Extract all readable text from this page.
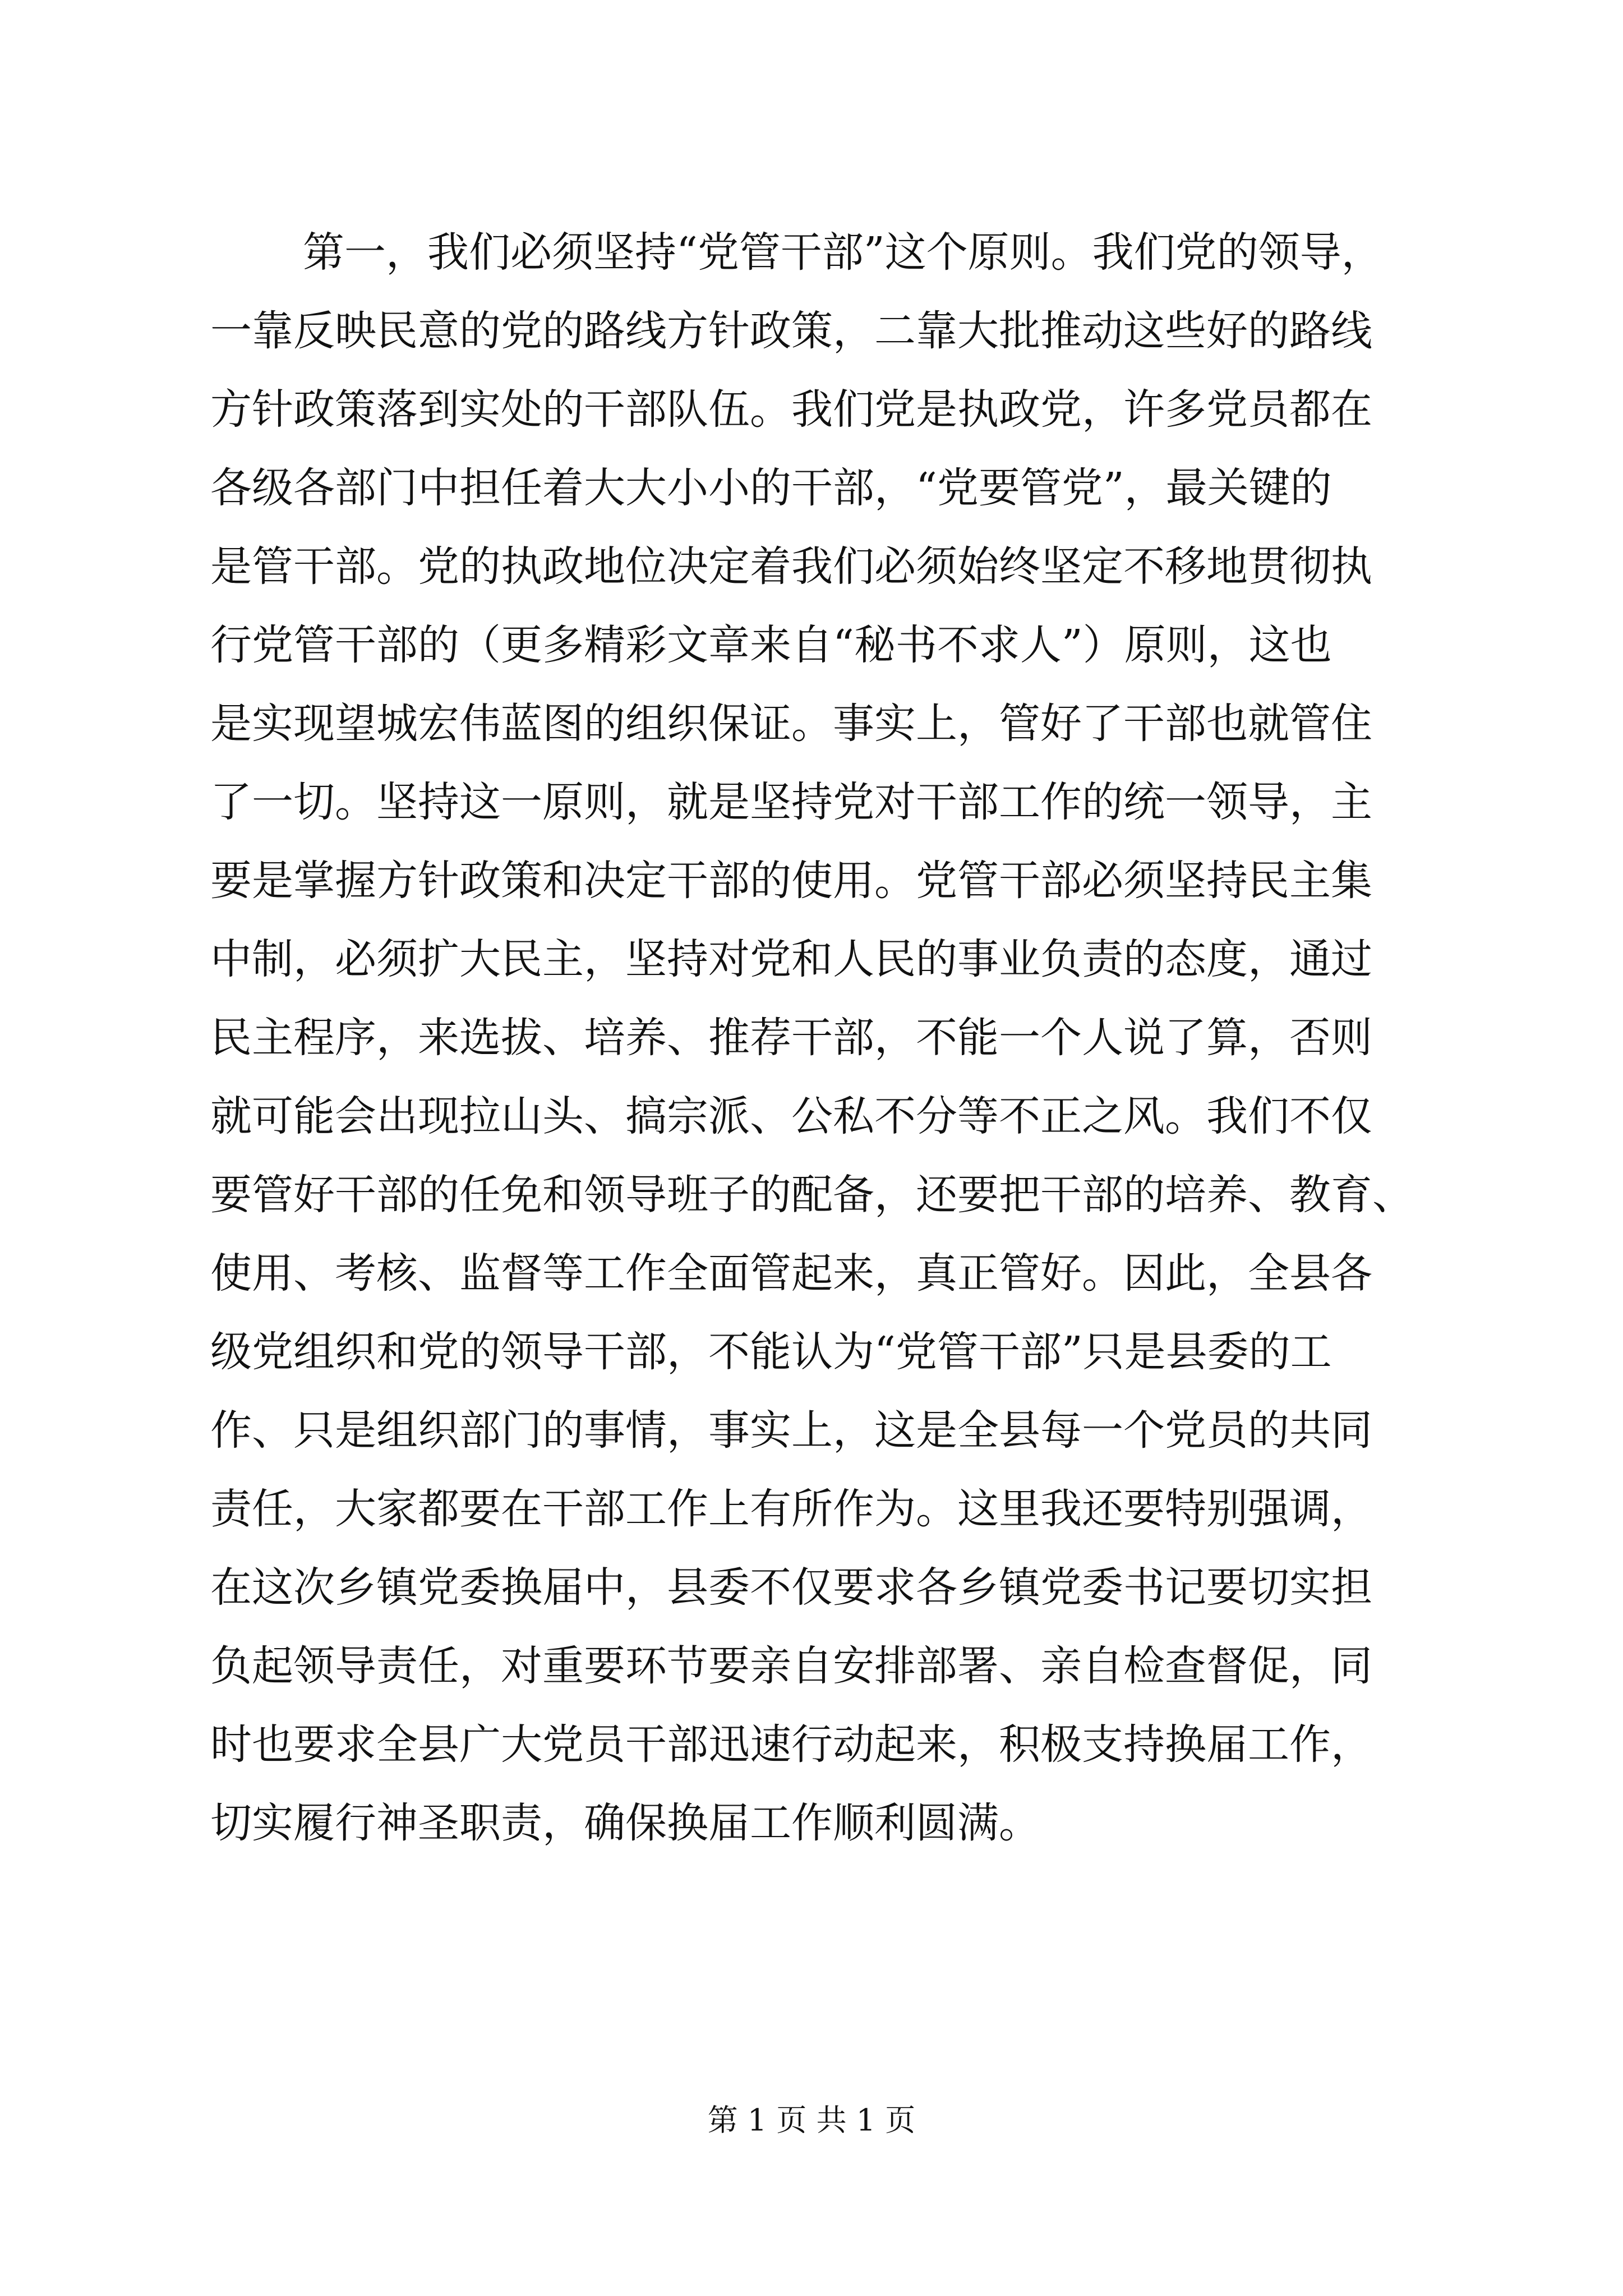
第一，我们必须坚持“党管干部”这个原则。我们党的领导，
一靠反映民意的党的路线方针政策，二靠大批推动这些好的路线
方针政策落到实处的干部队伍。我们党是执政党，许多党员都在
各级各部门中担任着大大小小的干部，“党要管党”，最关键的
是管干部。党的执政地位决定着我们必须始终坚定不移地贯彻执
行党管干部的（更多精彩文章来自“秘书不求人”）原则，这也
是实现望城宏伟蓝图的组织保证。事实上，管好了干部也就管住
了一切。坚持这一原则，就是坚持党对干部工作的统一领导，主
要是掌握方针政策和决定干部的使用。党管干部必须坚持民主集
中制，必须扩大民主，坚持对党和人民的事业负责的态度，通过
民主程序，来选拔、培养、推荐干部，不能一个人说了算，否则
就可能会出现拉山头、搞宗派、公私不分等不正之风。我们不仅
要管好干部的任免和领导班子的配备，还要把干部的培养、教育、
使用、考核、监督等工作全面管起来，真正管好。因此，全县各
级党组织和党的领导干部，不能认为“党管干部”只是县委的工
作、只是组织部门的事情，事实上，这是全县每一个党员的共同
责任，大家都要在干部工作上有所作为。这里我还要特别强调，
在这次乡镇党委换届中，县委不仅要求各乡镇党委书记要切实担
负起领导责任，对重要环节要亲自安排部署、亲自检查督促，同
时也要求全县广大党员干部迅速行动起来，积极支持换届工作，
切实履行神圣职责，确保换届工作顺利圆满。
第 1 页 共 1 页
